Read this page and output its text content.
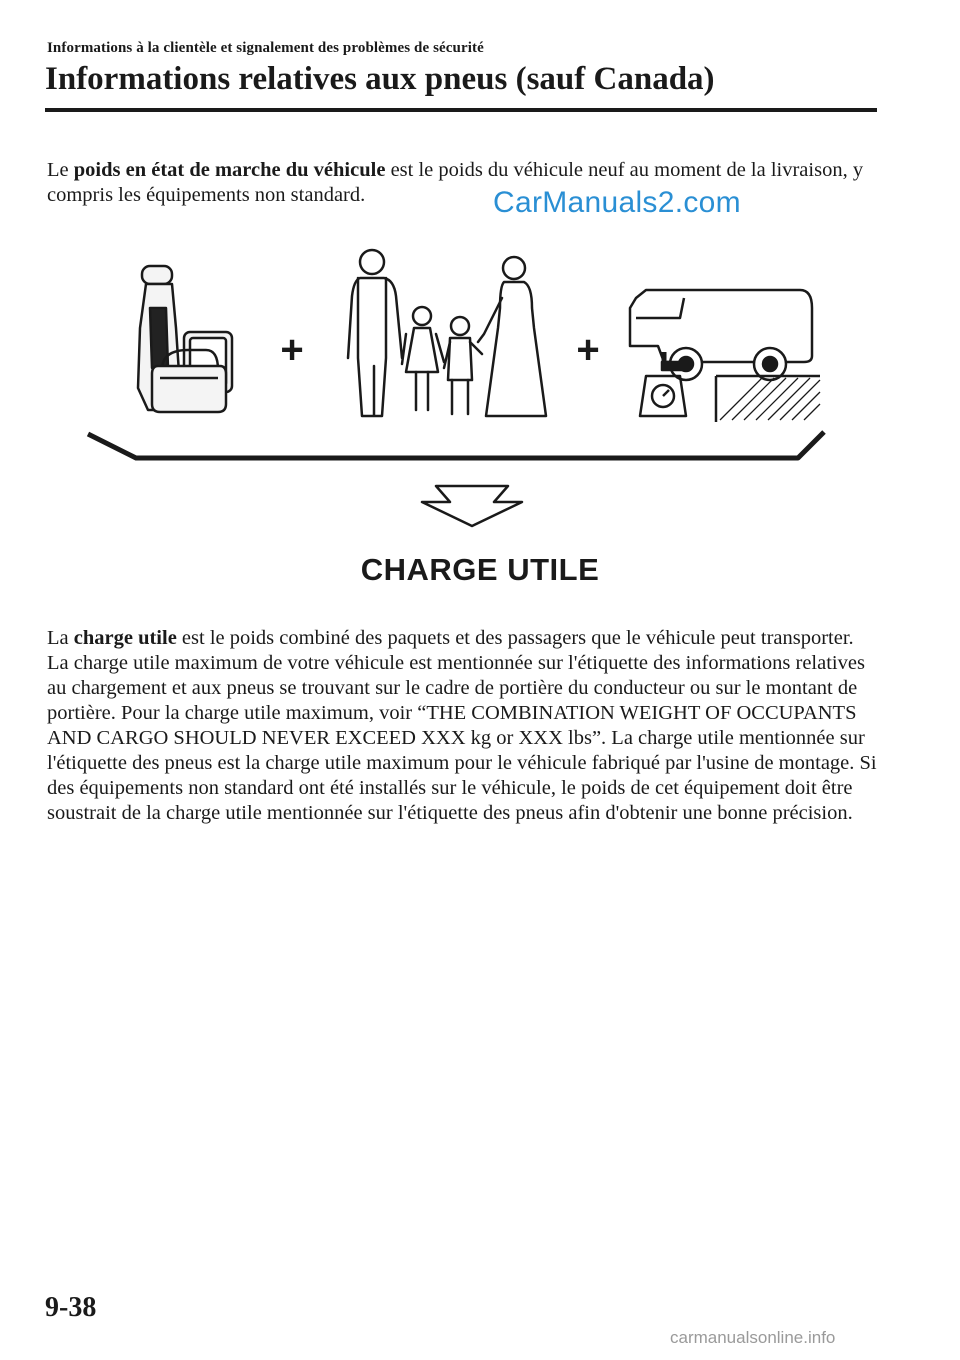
Informations à la clientèle et signalement des problèmes de sécurité
Informations relatives aux pneus (sauf Canada)

Le poids en état de marche du véhicule est le poids du véhicule neuf au moment de la livraison, y compris les équipements non standard.	CarManuals2.com
+	+
CHARGE UTILE

La charge utile est le poids combiné des paquets et des passagers que le véhicule peut transporter. La charge utile maximum de votre véhicule est mentionnée sur l'étiquette des informations relatives au chargement et aux pneus se trouvant sur le cadre de portière du conducteur ou sur le montant de portière. Pour la charge utile maximum, voir “THE COMBINATION WEIGHT OF OCCUPANTS AND CARGO SHOULD NEVER EXCEED XXX kg or XXX lbs”. La charge utile mentionnée sur l'étiquette des pneus est la charge utile maximum pour le véhicule fabriqué par l'usine de montage. Si des équipements non standard ont été installés sur le véhicule, le poids de cet équipement doit être soustrait de la charge utile mentionnée sur l'étiquette des pneus afin d'obtenir une bonne précision.

9-38
carmanualsonline.info
